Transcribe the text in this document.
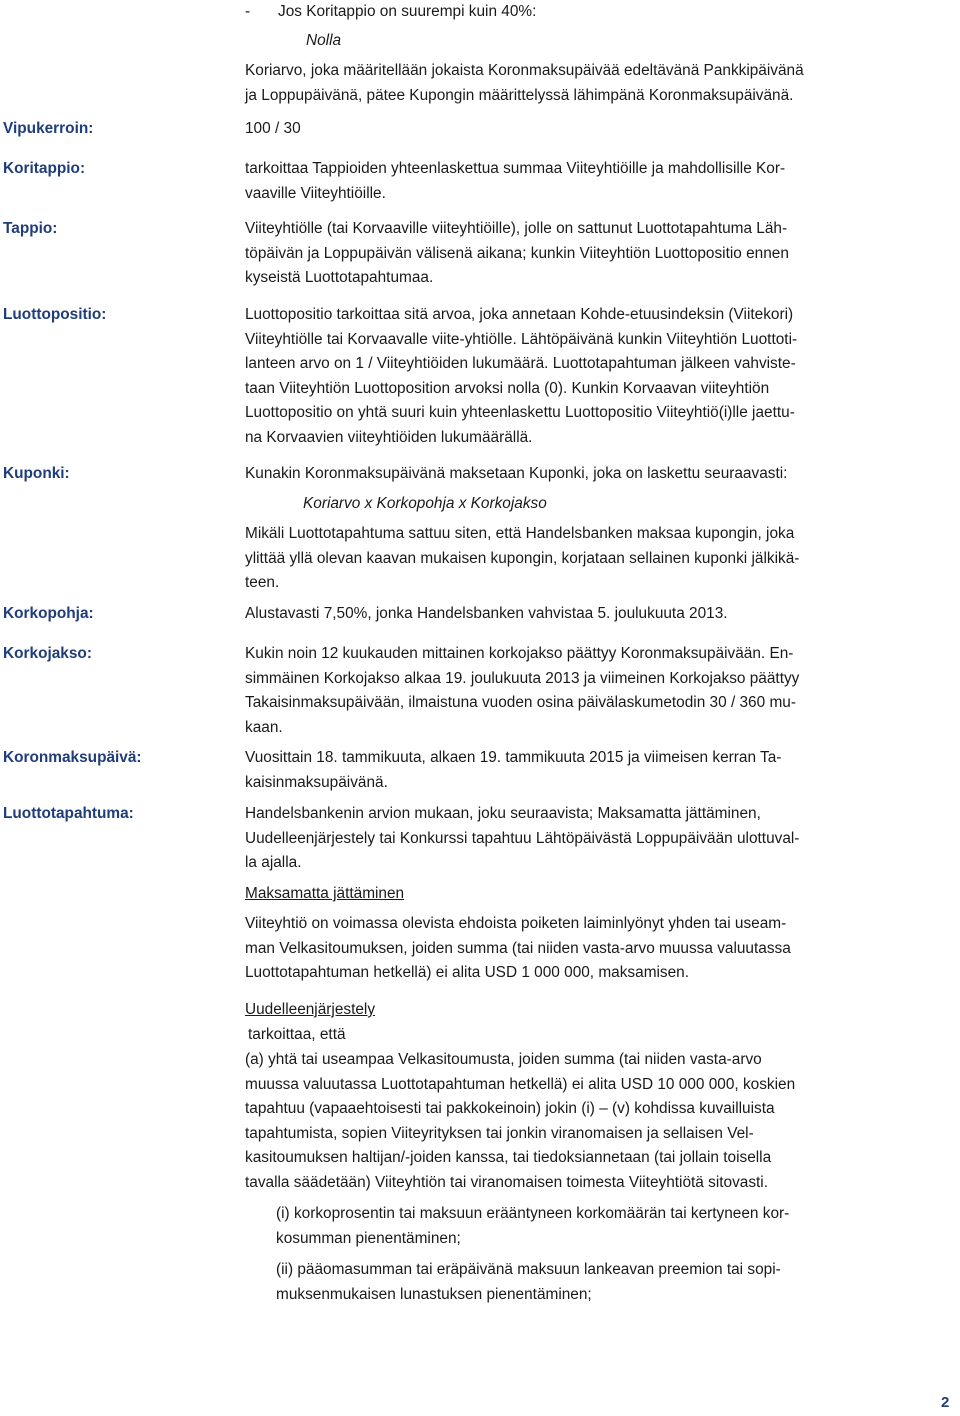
- Jos Koritappio on suurempi kuin 40%:
Nolla
Koriarvo, joka määritellään jokaista Koronmaksupäivää edeltävänä Pankkipäivänä
ja Loppupäivänä, pätee Kupongin määrittelyssä lähimpänä Koronmaksupäivänä.
Vipukerroin:	100 / 30
Koritappio:	tarkoittaa Tappioiden yhteenlaskettua summaa Viiteyhtiöille ja mahdollisille Kor-
vaaville Viiteyhtiöille.
Tappio:	Viiteyhtiölle (tai Korvaaville viiteyhtiöille), jolle on sattunut Luottotapahtuma Läh-
töpäivän ja Loppupäivän välisenä aikana; kunkin Viiteyhtiön Luottopositio ennen
kyseistä Luottotapahtumaa.
Luottopositio:	Luottopositio tarkoittaa sitä arvoa, joka annetaan Kohde-etuusindeksin (Viitekori)
Viiteyhtiölle tai Korvaavalle viite-yhtiölle. Lähtöpäivänä kunkin Viiteyhtiön Luottoti-
lanteen arvo on 1 / Viiteyhtiöiden lukumäärä. Luottotapahtuman jälkeen vahviste-
taan Viiteyhtiön Luottoposition arvoksi nolla (0). Kunkin Korvaavan viiteyhtiön
Luottopositio on yhtä suuri kuin yhteenlaskettu Luottopositio Viiteyhtiö(i)lle jaettu-
na Korvaavien viiteyhtiöiden lukumäärällä.
Kuponki:	Kunakin Koronmaksupäivänä maksetaan Kuponki, joka on laskettu seuraavasti:
Koriarvo x Korkopohja x Korkojakso
Mikäli Luottotapahtuma sattuu siten, että Handelsbanken maksaa kupongin, joka
ylittää yllä olevan kaavan mukaisen kupongin, korjataan sellainen kuponki jälkikä-
teen.
Korkopohja:	Alustavasti 7,50%, jonka Handelsbanken vahvistaa 5. joulukuuta 2013.
Korkojakso:	Kukin noin 12 kuukauden mittainen korkojakso päättyy Koronmaksupäivään. En-
simmäinen Korkojakso alkaa 19. joulukuuta 2013 ja viimeinen Korkojakso päättyy
Takaisinmaksupäivään, ilmaistuna vuoden osina päivälaskumetodin 30 / 360 mu-
kaan.
Koronmaksupäivä:	Vuosittain 18. tammikuuta, alkaen 19. tammikuuta 2015 ja viimeisen kerran Ta-
kaisinmaksupäivänä.
Luottotapahtuma:	Handelsbankenin arvion mukaan, joku seuraavista; Maksamatta jättäminen,
Uudelleenjärjestely tai Konkurssi tapahtuu Lähtöpäivästä Loppupäivään ulottuval-
la ajalla.
Maksamatta jättäminen
Viiteyhtiö on voimassa olevista ehdoista poiketen laiminlyönyt yhden tai useam-
man Velkasitoumuksen, joiden summa (tai niiden vasta-arvo muussa valuutassa
Luottotapahtuman hetkellä) ei alita USD 1 000 000, maksamisen.
Uudelleenjärjestely
tarkoittaa, että
(a) yhtä tai useampaa Velkasitoumusta, joiden summa (tai niiden vasta-arvo
muussa valuutassa Luottotapahtuman hetkellä) ei alita USD 10 000 000, koskien
tapahtuu (vapaaehtoisesti tai pakkokeinoin) jokin (i) – (v) kohdissa kuvailluista
tapahtumista, sopien Viiteyrityksen tai jonkin viranomaisen ja sellaisen Vel-
kasitoumuksen haltijan/-joiden kanssa, tai tiedoksiannetaan (tai jollain toisella
tavalla säädetään) Viiteyhtiön tai viranomaisen toimesta Viiteyhtiötä sitovasti.
(i) korkoprosentin tai maksuun erääntyneen korkomäärän tai kertyneen kor-
kosumman pienentäminen;
(ii) pääomasumman tai eräpäivänä maksuun lankeavan preemion tai sopi-
muksenmukaisen lunastuksen pienentäminen;
2
